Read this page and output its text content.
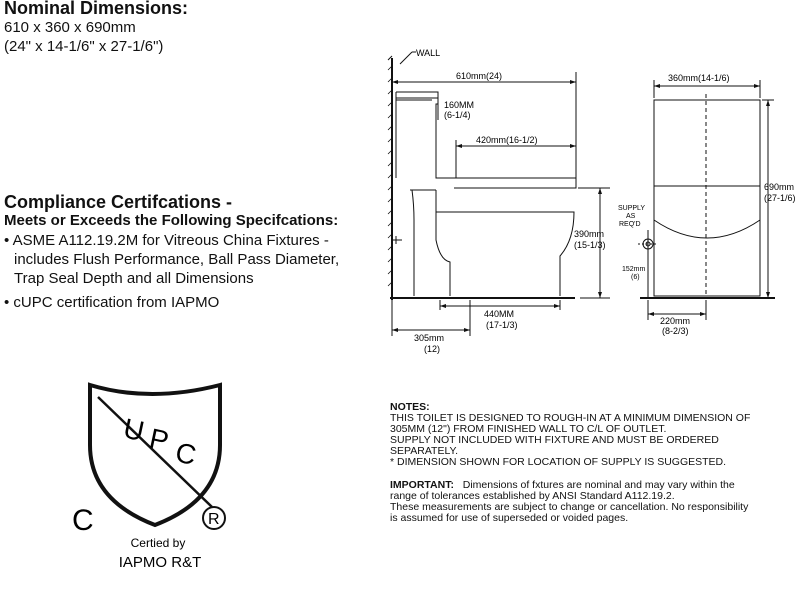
Nominal Dimensions:
610 x 360 x 690mm
(24" x 14-1/6" x 27-1/6")
Compliance Certifcations -
Meets or Exceeds the Following Specifcations:
• ASME A112.19.2M for Vitreous China Fixtures -
includes Flush Performance, Ball Pass Diameter,
Trap Seal Depth and all Dimensions
• cUPC certification from IAPMO
U P C
C	R
Certied by
IAPMO R&T
WALL
610mm(24)
160MM
(6-1/4)
420mm(16-1/2)
390mm
(15-1/3)
440MM
(17-1/3)
305mm
(12)
360mm(14-1/6)
690mm
(27-1/6)
SUPPLY
AS
REQ'D
152mm
(6)
220mm
(8-2/3)
NOTES:
THIS TOILET IS DESIGNED TO ROUGH-IN AT A MINIMUM DIMENSION OF
305MM (12") FROM FINISHED WALL TO C/L OF OUTLET.
SUPPLY NOT INCLUDED WITH FIXTURE AND MUST BE ORDERED
SEPARATELY.
* DIMENSION SHOWN FOR LOCATION OF SUPPLY IS SUGGESTED.
IMPORTANT: Dimensions of fxtures are nominal and may vary within the
range of tolerances established by ANSI Standard A112.19.2.
These measurements are subject to change or cancellation. No responsibility
is assumed for use of superseded or voided pages.
